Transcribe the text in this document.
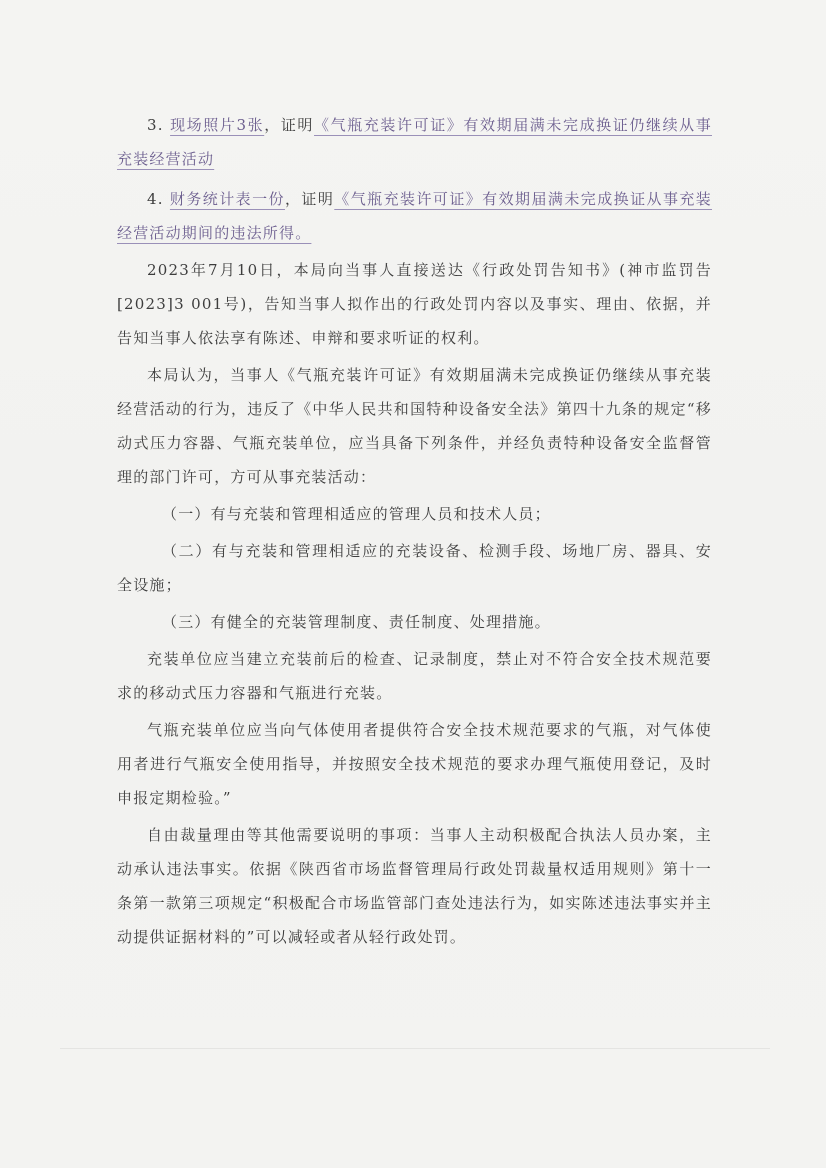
3. 现场照片3张，证明《气瓶充装许可证》有效期届满未完成换证仍继续从事充装经营活动

4. 财务统计表一份，证明《气瓶充装许可证》有效期届满未完成换证从事充装经营活动期间的违法所得。

2023年7月10日，本局向当事人直接送达《行政处罚告知书》(神市监罚告[2023]3 001号)，告知当事人拟作出的行政处罚内容以及事实、理由、依据，并告知当事人依法享有陈述、申辩和要求听证的权利。

本局认为，当事人《气瓶充装许可证》有效期届满未完成换证仍继续从事充装经营活动的行为，违反了《中华人民共和国特种设备安全法》第四十九条的规定“移动式压力容器、气瓶充装单位，应当具备下列条件，并经负责特种设备安全监督管理的部门许可，方可从事充装活动：

（一）有与充装和管理相适应的管理人员和技术人员；

（二）有与充装和管理相适应的充装设备、检测手段、场地厂房、器具、安全设施；

（三）有健全的充装管理制度、责任制度、处理措施。

充装单位应当建立充装前后的检查、记录制度，禁止对不符合安全技术规范要求的移动式压力容器和气瓶进行充装。

气瓶充装单位应当向气体使用者提供符合安全技术规范要求的气瓶，对气体使用者进行气瓶安全使用指导，并按照安全技术规范的要求办理气瓶使用登记，及时申报定期检验。”

自由裁量理由等其他需要说明的事项：当事人主动积极配合执法人员办案，主动承认违法事实。依据《陕西省市场监督管理局行政处罚裁量权适用规则》第十一条第一款第三项规定“积极配合市场监管部门查处违法行为，如实陈述违法事实并主动提供证据材料的”可以减轻或者从轻行政处罚。
